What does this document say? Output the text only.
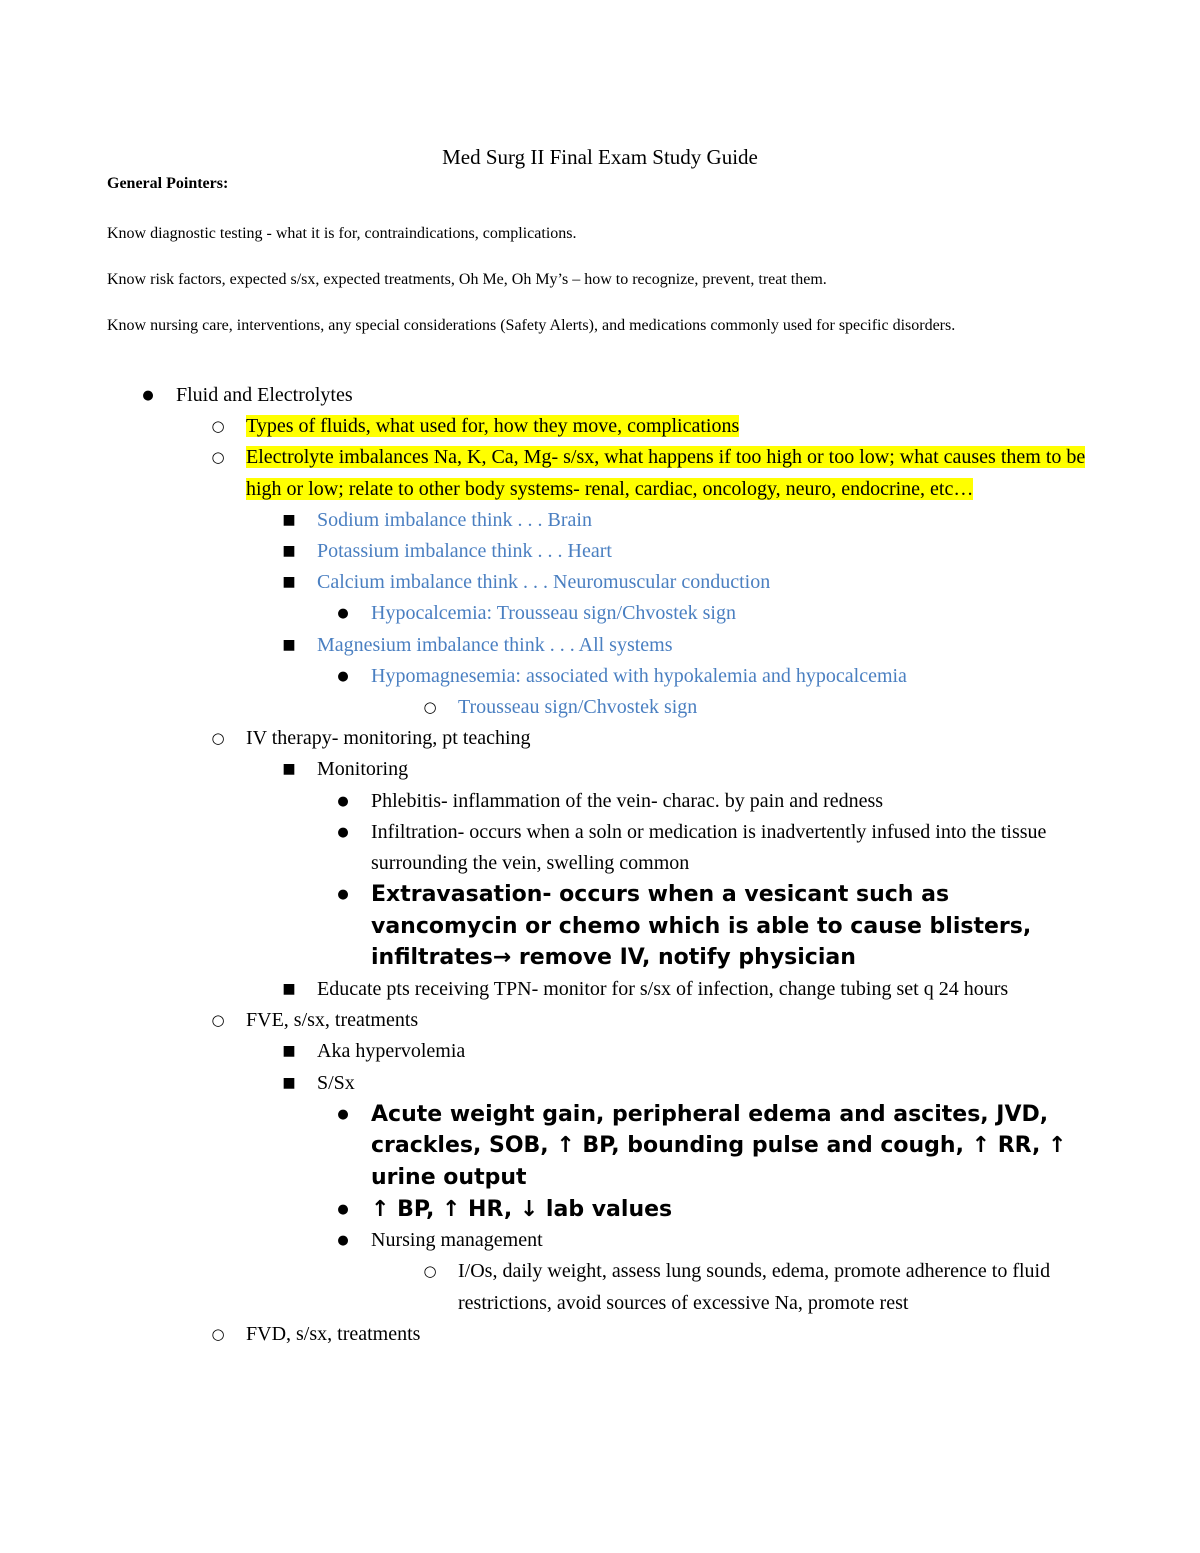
Med Surg II Final Exam Study Guide
General Pointers:
Know diagnostic testing - what it is for, contraindications, complications.
Know risk factors, expected s/sx, expected treatments, Oh Me, Oh My’s – how to recognize, prevent, treat them.
Know nursing care, interventions, any special considerations (Safety Alerts), and medications commonly used for specific disorders.
●	Fluid and Electrolytes
○ Types of fluids, what used for, how they move, complications
○ Electrolyte imbalances Na, K, Ca, Mg- s/sx, what happens if too high or too low; what causes them to be high or low; relate to other body systems- renal, cardiac, oncology, neuro, endocrine, etc…
■ Sodium imbalance think . . . Brain
■ Potassium imbalance think . . . Heart
■ Calcium imbalance think . . . Neuromuscular conduction
●	Hypocalcemia: Trousseau sign/Chvostek sign
■ Magnesium imbalance think . . . All systems
●	Hypomagnesemia: associated with hypokalemia and hypocalcemia
○ Trousseau sign/Chvostek sign
○ IV therapy- monitoring, pt teaching
■ Monitoring
●	Phlebitis- inflammation of the vein- charac. by pain and redness
●	Infiltration- occurs when a soln or medication is inadvertently infused into the tissue surrounding the vein, swelling common
● Extravasation- occurs when a vesicant such as vancomycin or chemo which is able to cause blisters, infiltrates→ remove IV, notify physician
■ Educate pts receiving TPN- monitor for s/sx of infection, change tubing set q 24 hours
○ FVE, s/sx, treatments
■ Aka hypervolemia
■ S/Sx
● Acute weight gain, peripheral edema and ascites, JVD, crackles, SOB, ↑ BP, bounding pulse and cough, ↑ RR, ↑ urine output
● ↑ BP, ↑ HR, ↓ lab values
●	Nursing management
○ I/Os, daily weight, assess lung sounds, edema, promote adherence to fluid restrictions, avoid sources of excessive Na, promote rest
○ FVD, s/sx, treatments
